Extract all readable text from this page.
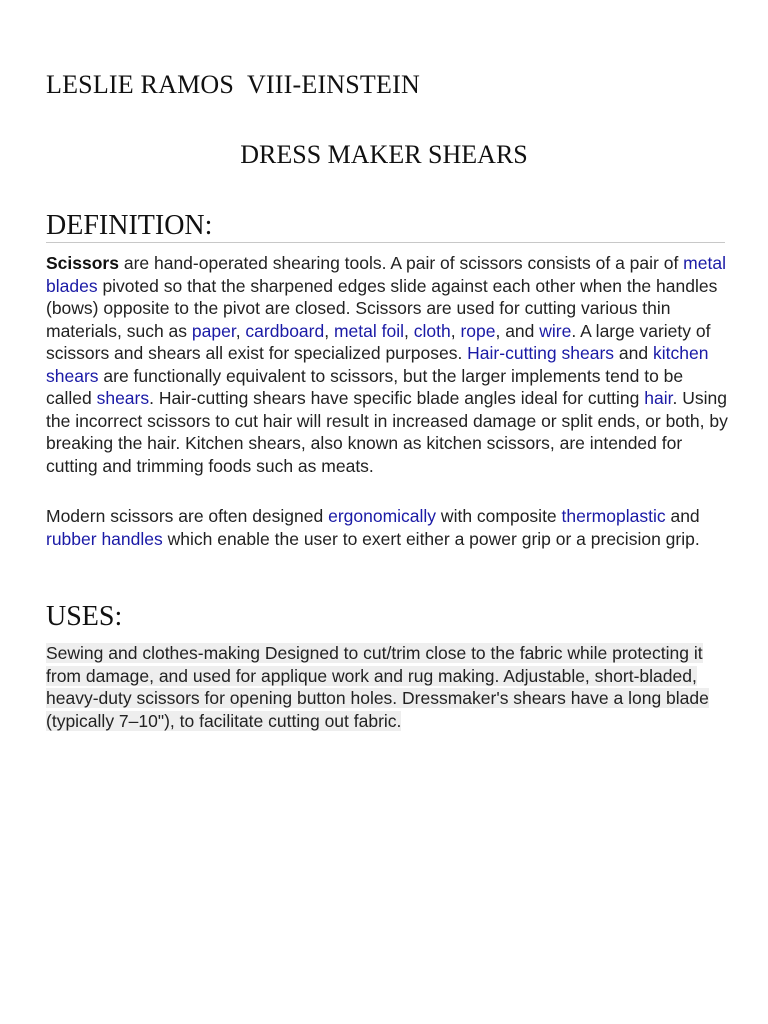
LESLIE RAMOS  VIII-EINSTEIN
DRESS MAKER SHEARS
DEFINITION:

Scissors are hand-operated shearing tools. A pair of scissors consists of a pair of metal blades pivoted so that the sharpened edges slide against each other when the handles (bows) opposite to the pivot are closed. Scissors are used for cutting various thin materials, such as paper, cardboard, metal foil, cloth, rope, and wire. A large variety of scissors and shears all exist for specialized purposes. Hair-cutting shears and kitchen shears are functionally equivalent to scissors, but the larger implements tend to be called shears. Hair-cutting shears have specific blade angles ideal for cutting hair. Using the incorrect scissors to cut hair will result in increased damage or split ends, or both, by breaking the hair. Kitchen shears, also known as kitchen scissors, are intended for cutting and trimming foods such as meats.

Modern scissors are often designed ergonomically with composite thermoplastic and rubber handles which enable the user to exert either a power grip or a precision grip.

USES:

Sewing and clothes-making Designed to cut/trim close to the fabric while protecting it from damage, and used for applique work and rug making. Adjustable, short-bladed, heavy-duty scissors for opening button holes. Dressmaker's shears have a long blade (typically 7–10"), to facilitate cutting out fabric.
